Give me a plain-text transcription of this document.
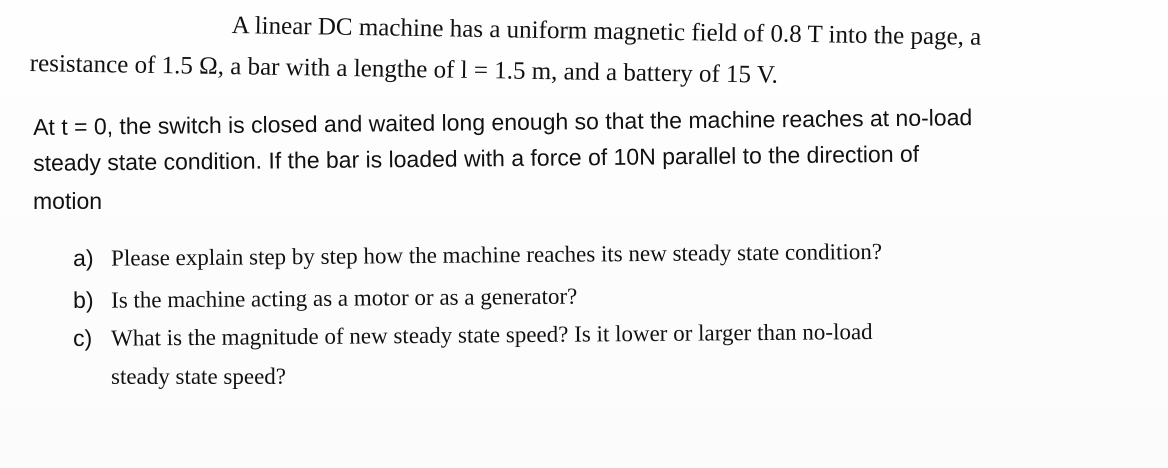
A linear DC machine has a uniform magnetic field of 0.8 T into the page, a
resistance of 1.5 Ω, a bar with a lengthe of l = 1.5 m, and a battery of 15 V.
At t = 0, the switch is closed and waited long enough so that the machine reaches at no-load
steady state condition. If the bar is loaded with a force of 10N parallel to the direction of
motion
a) Please explain step by step how the machine reaches its new steady state condition?
b) Is the machine acting as a motor or as a generator?
c) What is the magnitude of new steady state speed? Is it lower or larger than no-load
steady state speed?
